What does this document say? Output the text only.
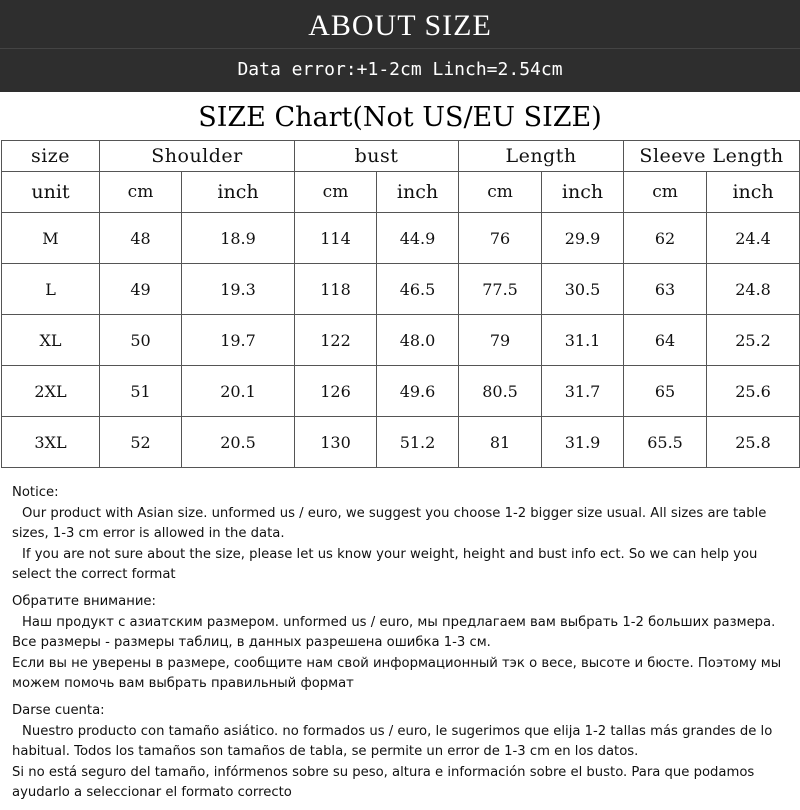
ABOUT SIZE
Data error:+1-2cm Linch=2.54cm
SIZE Chart(Not US/EU SIZE)
size	Shoulder		bust		Length		Sleeve Length	
unit	cm	inch	cm	inch	cm	inch	cm	inch
M	48	18.9	114	44.9	76	29.9	62	24.4
L	49	19.3	118	46.5	77.5	30.5	63	24.8
XL	50	19.7	122	48.0	79	31.1	64	25.2
2XL	51	20.1	126	49.6	80.5	31.7	65	25.6
3XL	52	20.5	130	51.2	81	31.9	65.5	25.8
Notice:
Our product with Asian size. unformed us / euro, we suggest you choose 1-2 bigger size usual. All sizes are table sizes, 1-3 cm error is allowed in the data.
If you are not sure about the size, please let us know your weight, height and bust info ect. So we can help you select the correct format
Обратите внимание:
Наш продукт с азиатским размером. unformed us / euro, мы предлагаем вам выбрать 1-2 больших размера. Все размеры - размеры таблиц, в данных разрешена ошибка 1-3 см.
Если вы не уверены в размере, сообщите нам свой информационный тэк о весе, высоте и бюсте. Поэтому мы можем помочь вам выбрать правильный формат
Darse cuenta:
Nuestro producto con tamaño asiático. no formados us / euro, le sugerimos que elija 1-2 tallas más grandes de lo habitual. Todos los tamaños son tamaños de tabla, se permite un error de 1-3 cm en los datos.
Si no está seguro del tamaño, infórmenos sobre su peso, altura e información sobre el busto. Para que podamos ayudarlo a seleccionar el formato correcto
